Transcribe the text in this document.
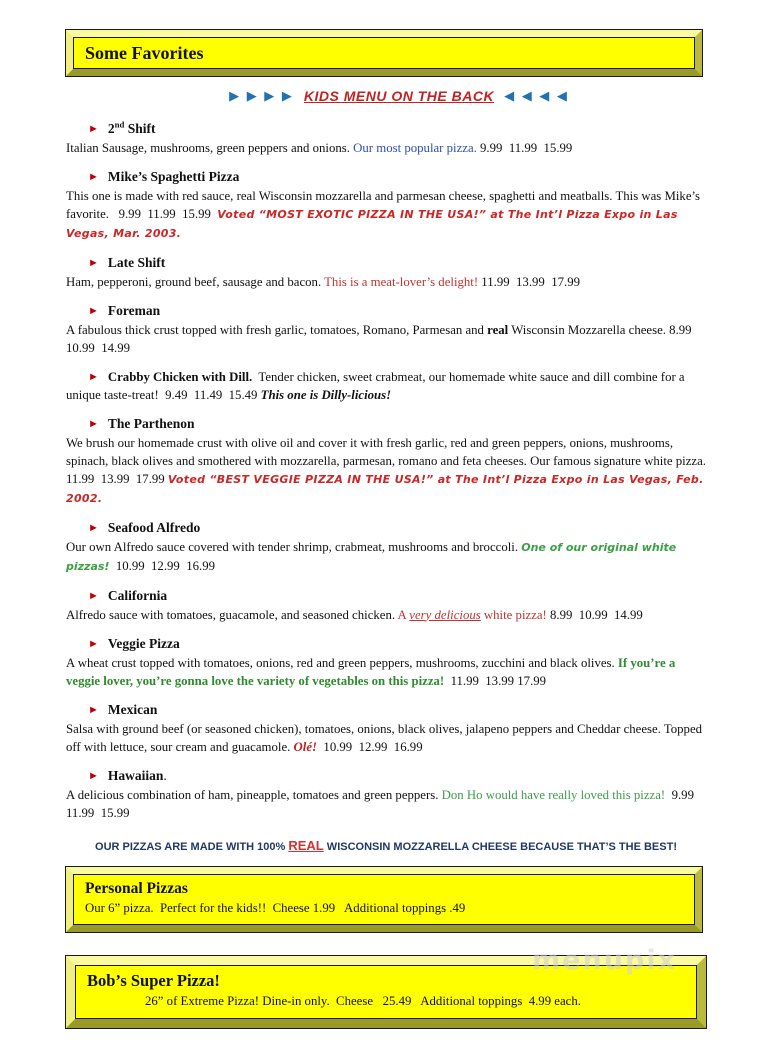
Some Favorites
▶ ▶ ▶ ▶ KIDS MENU ON THE BACK ◀ ◀ ◀ ◀

► 2nd Shift

Italian Sausage, mushrooms, green peppers and onions. Our most popular pizza. 9.99  11.99  15.99

► Mike’s Spaghetti Pizza

This one is made with red sauce, real Wisconsin mozzarella and parmesan cheese, spaghetti and meatballs. This was Mike’s favorite.   9.99  11.99  15.99  Voted “MOST EXOTIC PIZZA IN THE USA!” at The Int’l Pizza Expo in Las Vegas, Mar. 2003.

► Late Shift

Ham, pepperoni, ground beef, sausage and bacon. This is a meat-lover’s delight! 11.99  13.99  17.99

► Foreman

A fabulous thick crust topped with fresh garlic, tomatoes, Romano, Parmesan and real Wisconsin Mozzarella cheese. 8.99  10.99  14.99

► Crabby Chicken with Dill.  Tender chicken, sweet crabmeat, our homemade white sauce and dill combine for a unique taste-treat!  9.49  11.49  15.49 This one is Dilly-licious!

► The Parthenon

We brush our homemade crust with olive oil and cover it with fresh garlic, red and green peppers, onions, mushrooms, spinach, black olives and smothered with mozzarella, parmesan, romano and feta cheeses. Our famous signature white pizza. 11.99  13.99  17.99 Voted “BEST VEGGIE PIZZA IN THE USA!” at The Int’l Pizza Expo in Las Vegas, Feb. 2002.

► Seafood Alfredo

Our own Alfredo sauce covered with tender shrimp, crabmeat, mushrooms and broccoli. One of our original white pizzas!  10.99  12.99  16.99

► California

Alfredo sauce with tomatoes, guacamole, and seasoned chicken. A very delicious white pizza! 8.99  10.99  14.99

► Veggie Pizza

A wheat crust topped with tomatoes, onions, red and green peppers, mushrooms, zucchini and black olives. If you’re a veggie lover, you’re gonna love the variety of vegetables on this pizza!  11.99  13.99 17.99

► Mexican

Salsa with ground beef (or seasoned chicken), tomatoes, onions, black olives, jalapeno peppers and Cheddar cheese. Topped off with lettuce, sour cream and guacamole. Olé!  10.99  12.99  16.99

► Hawaiian.

A delicious combination of ham, pineapple, tomatoes and green peppers. Don Ho would have really loved this pizza!  9.99  11.99  15.99

OUR PIZZAS ARE MADE WITH 100% REAL WISCONSIN MOZZARELLA CHEESE BECAUSE THAT’S THE BEST!
Personal Pizzas
Our 6” pizza.  Perfect for the kids!!  Cheese 1.99   Additional toppings .49
menupix
Bob’s Super Pizza!
26” of Extreme Pizza! Dine-in only.  Cheese   25.49   Additional toppings  4.99 each.
